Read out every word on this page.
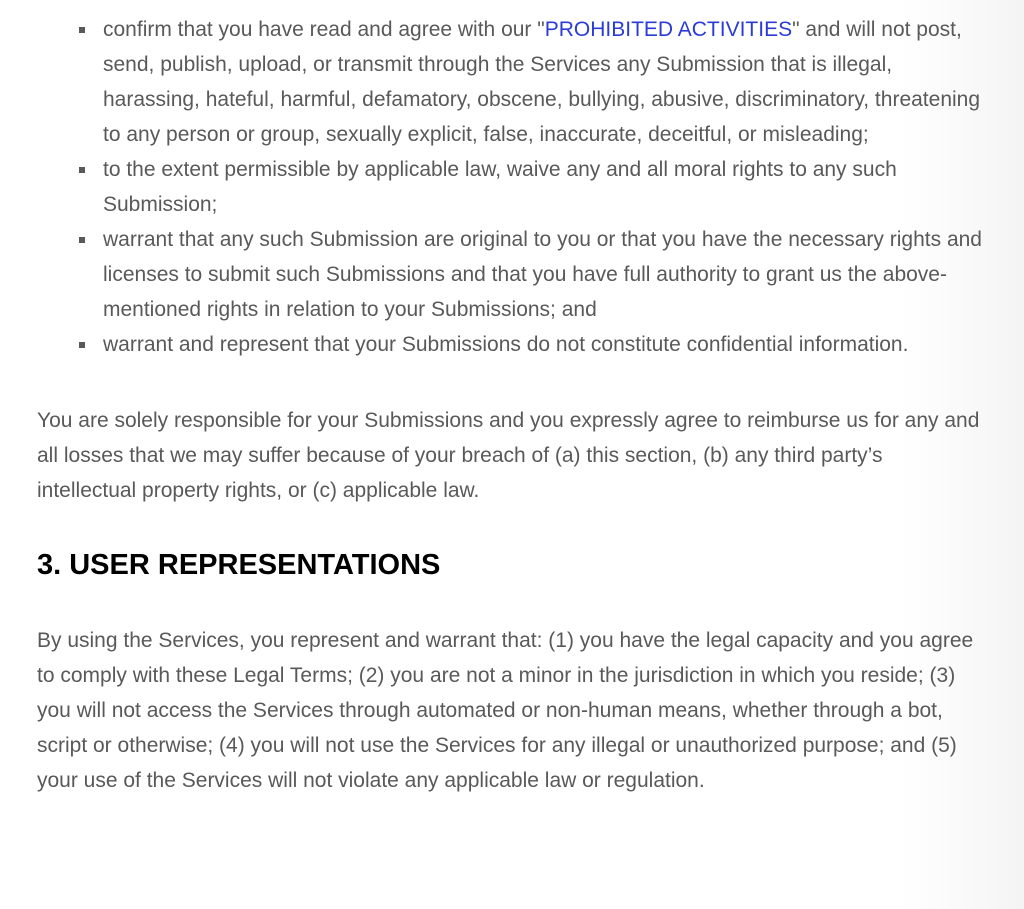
confirm that you have read and agree with our "PROHIBITED ACTIVITIES" and will not post, send, publish, upload, or transmit through the Services any Submission that is illegal, harassing, hateful, harmful, defamatory, obscene, bullying, abusive, discriminatory, threatening to any person or group, sexually explicit, false, inaccurate, deceitful, or misleading;
to the extent permissible by applicable law, waive any and all moral rights to any such Submission;
warrant that any such Submission are original to you or that you have the necessary rights and licenses to submit such Submissions and that you have full authority to grant us the above-mentioned rights in relation to your Submissions; and
warrant and represent that your Submissions do not constitute confidential information.

You are solely responsible for your Submissions and you expressly agree to reimburse us for any and all losses that we may suffer because of your breach of (a) this section, (b) any third party’s intellectual property rights, or (c) applicable law.

3. USER REPRESENTATIONS

By using the Services, you represent and warrant that: (1) you have the legal capacity and you agree to comply with these Legal Terms; (2) you are not a minor in the jurisdiction in which you reside; (3) you will not access the Services through automated or non-human means, whether through a bot, script or otherwise; (4) you will not use the Services for any illegal or unauthorized purpose; and (5) your use of the Services will not violate any applicable law or regulation.
